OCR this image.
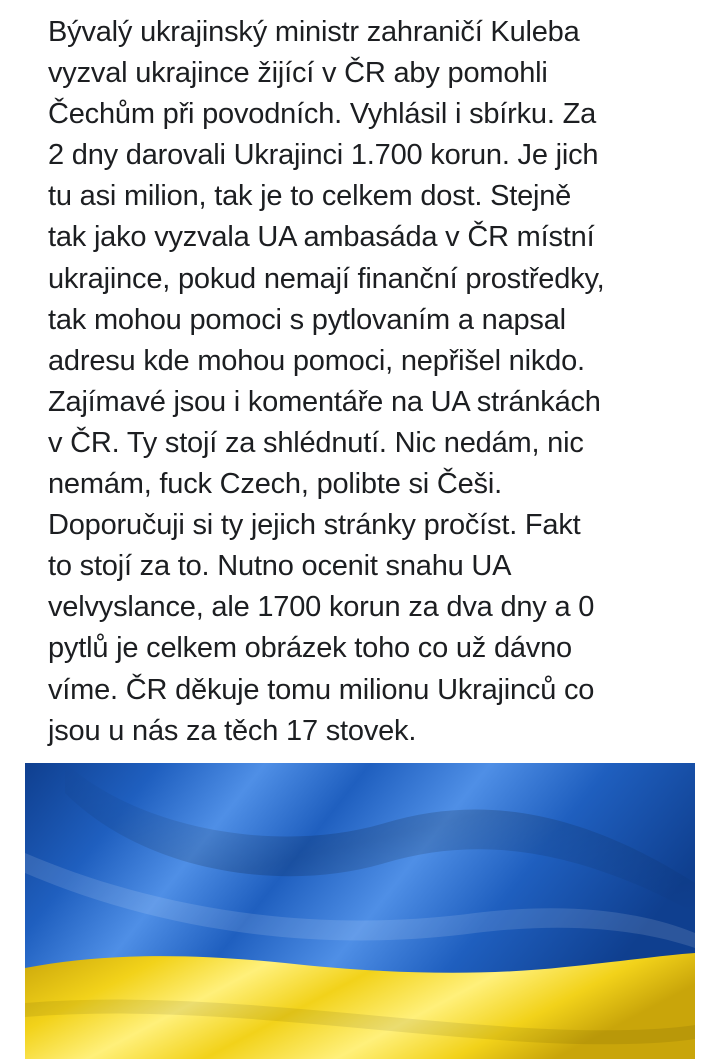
Bývalý ukrajinský ministr zahraničí Kuleba
vyzval ukrajince žijící v ČR aby pomohli
Čechům při povodních. Vyhlásil i sbírku. Za
2 dny darovali Ukrajinci 1.700 korun. Je jich
tu asi milion, tak je to celkem dost. Stejně
tak jako vyzvala UA ambasáda v ČR místní
ukrajince, pokud nemají finanční prostředky,
tak mohou pomoci s pytlovaním a napsal
adresu kde mohou pomoci, nepřišel nikdo.
Zajímavé jsou i komentáře na UA stránkách
v ČR. Ty stojí za shlédnutí. Nic nedám, nic
nemám, fuck Czech, polibte si Češi.
Doporučuji si ty jejich stránky pročíst. Fakt
to stojí za to. Nutno ocenit snahu UA
velvyslance, ale 1700 korun za dva dny a 0
pytlů je celkem obrázek toho co už dávno
víme. ČR děkuje tomu milionu Ukrajinců co
jsou u nás za těch 17 stovek.
